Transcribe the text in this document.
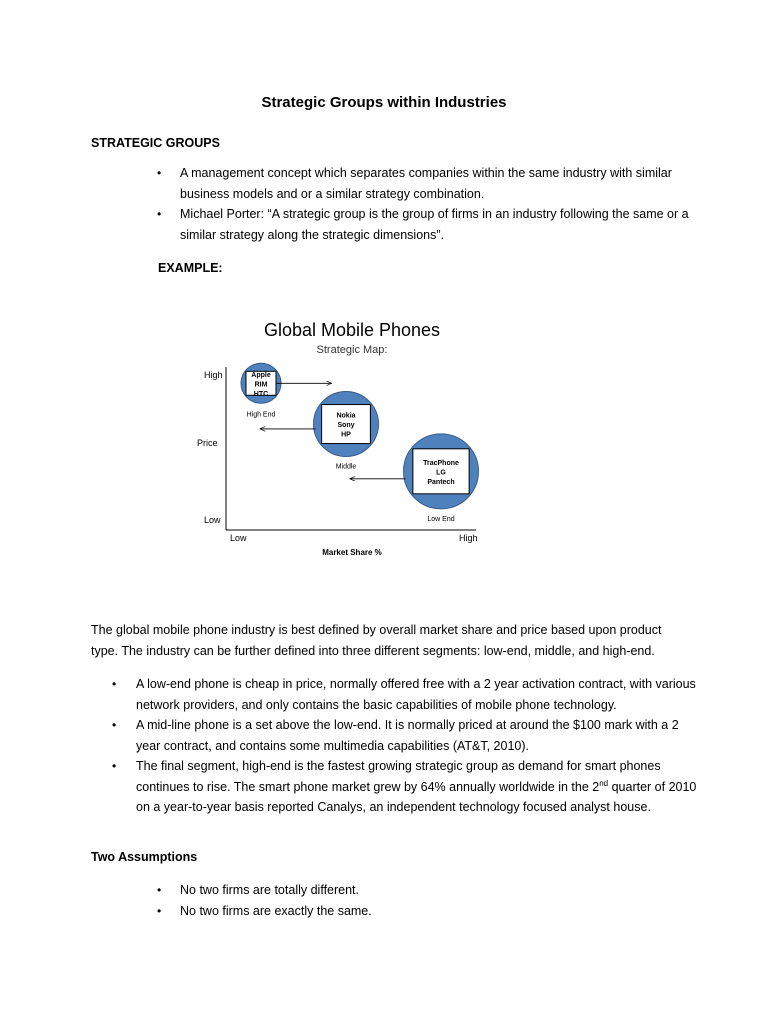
Strategic Groups within Industries
STRATEGIC GROUPS
• A management concept which separates companies within the same industry with similar business models and or a similar strategy combination.
• Michael Porter: “A strategic group is the group of firms in an industry following the same or a similar strategy along the strategic dimensions”.
EXAMPLE:
Global Mobile Phones
Strategic Map:
High
Low
Price
Low	High
Market Share %
Apple
RIM
HTC
High End	Nokia
Sony
HP
Middle
TracPhone
LG
Pantech
Low End
The global mobile phone industry is best defined by overall market share and price based upon product type. The industry can be further defined into three different segments: low-end, middle, and high-end.
• A low-end phone is cheap in price, normally offered free with a 2 year activation contract, with various network providers, and only contains the basic capabilities of mobile phone technology.
• A mid-line phone is a set above the low-end. It is normally priced at around the $100 mark with a 2 year contract, and contains some multimedia capabilities (AT&T, 2010).
• The final segment, high-end is the fastest growing strategic group as demand for smart phones continues to rise. The smart phone market grew by 64% annually worldwide in the 2nd quarter of 2010 on a year-to-year basis reported Canalys, an independent technology focused analyst house.
Two Assumptions
• No two firms are totally different.
• No two firms are exactly the same.
